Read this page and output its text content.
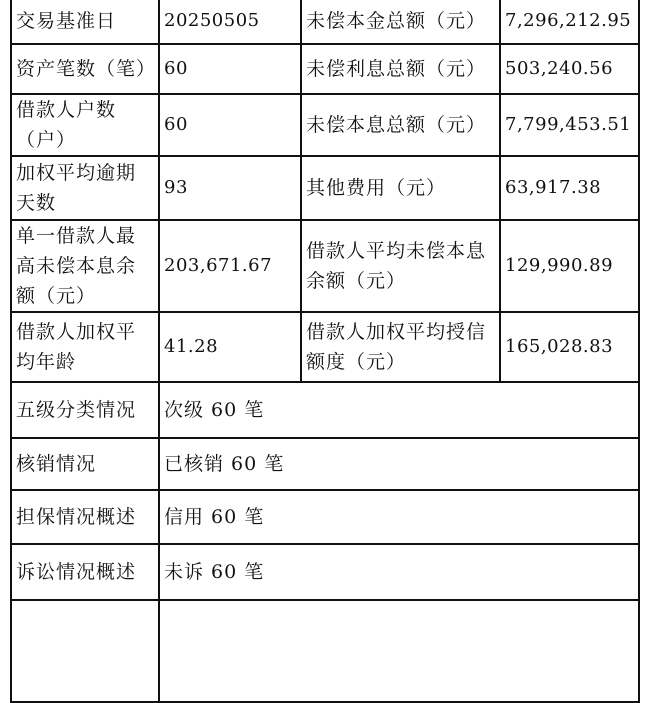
交易基准日	20250505	未偿本金总额（元）	7,296,212.95
资产笔数（笔）	60	未偿利息总额（元）	503,240.56
借款人户数（户）	60	未偿本息总额（元）	7,799,453.51
加权平均逾期天数	93	其他费用（元）	63,917.38
单一借款人最高未偿本息余额（元）	203,671.67	借款人平均未偿本息余额（元）	129,990.89
借款人加权平均年龄	41.28	借款人加权平均授信额度（元）	165,028.83
五级分类情况	次级 60 笔		
核销情况	已核销 60 笔		
担保情况概述	信用 60 笔		
诉讼情况概述	未诉 60 笔		
